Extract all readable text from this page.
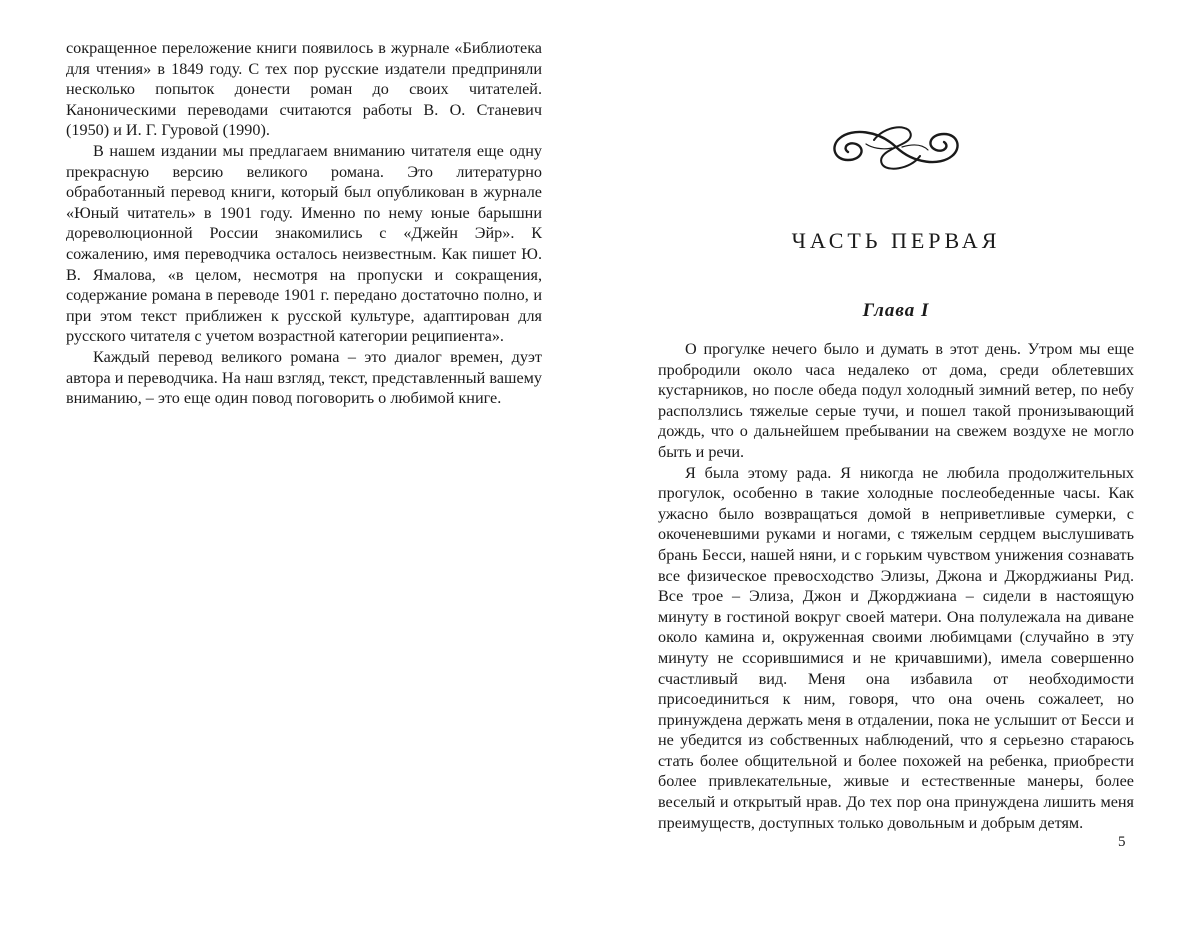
сокращенное переложение книги появилось в журнале «Библиотека для чтения» в 1849 году. С тех пор русские издатели предприняли несколько попыток донести роман до своих читателей. Каноническими переводами считаются работы В. О. Станевич (1950) и И. Г. Гуровой (1990).

В нашем издании мы предлагаем вниманию читателя еще одну прекрасную версию великого романа. Это литературно обработанный перевод книги, который был опубликован в журнале «Юный читатель» в 1901 году. Именно по нему юные барышни дореволюционной России знакомились с «Джейн Эйр». К сожалению, имя переводчика осталось неизвестным. Как пишет Ю. В. Ямалова, «в целом, несмотря на пропуски и сокращения, содержание романа в переводе 1901 г. передано достаточно полно, и при этом текст приближен к русской культуре, адаптирован для русского читателя с учетом возрастной категории реципиента».

Каждый перевод великого романа – это диалог времен, дуэт автора и переводчика. На наш взгляд, текст, представленный вашему вниманию, – это еще один повод поговорить о любимой книге.

ЧАСТЬ ПЕРВАЯ
Глава I

О прогулке нечего было и думать в этот день. Утром мы еще пробродили около часа недалеко от дома, среди облетевших кустарников, но после обеда подул холодный зимний ветер, по небу расползлись тяжелые серые тучи, и пошел такой пронизывающий дождь, что о дальнейшем пребывании на свежем воздухе не могло быть и речи.

Я была этому рада. Я никогда не любила продолжительных прогулок, особенно в такие холодные послеобеденные часы. Как ужасно было возвращаться домой в неприветливые сумерки, с окоченевшими руками и ногами, с тяжелым сердцем выслушивать брань Бесси, нашей няни, и с горьким чувством унижения сознавать все физическое превосходство Элизы, Джона и Джорджианы Рид. Все трое – Элиза, Джон и Джорджиана – сидели в настоящую минуту в гостиной вокруг своей матери. Она полулежала на диване около камина и, окруженная своими любимцами (случайно в эту минуту не ссорившимися и не кричавшими), имела совершенно счастливый вид. Меня она избавила от необходимости присоединиться к ним, говоря, что она очень сожалеет, но принуждена держать меня в отдалении, пока не услышит от Бесси и не убедится из собственных наблюдений, что я серьезно стараюсь стать более общительной и более похожей на ребенка, приобрести более привлекательные, живые и естественные манеры, более веселый и открытый нрав. До тех пор она принуждена лишить меня преимуществ, доступных только довольным и добрым детям.

5
